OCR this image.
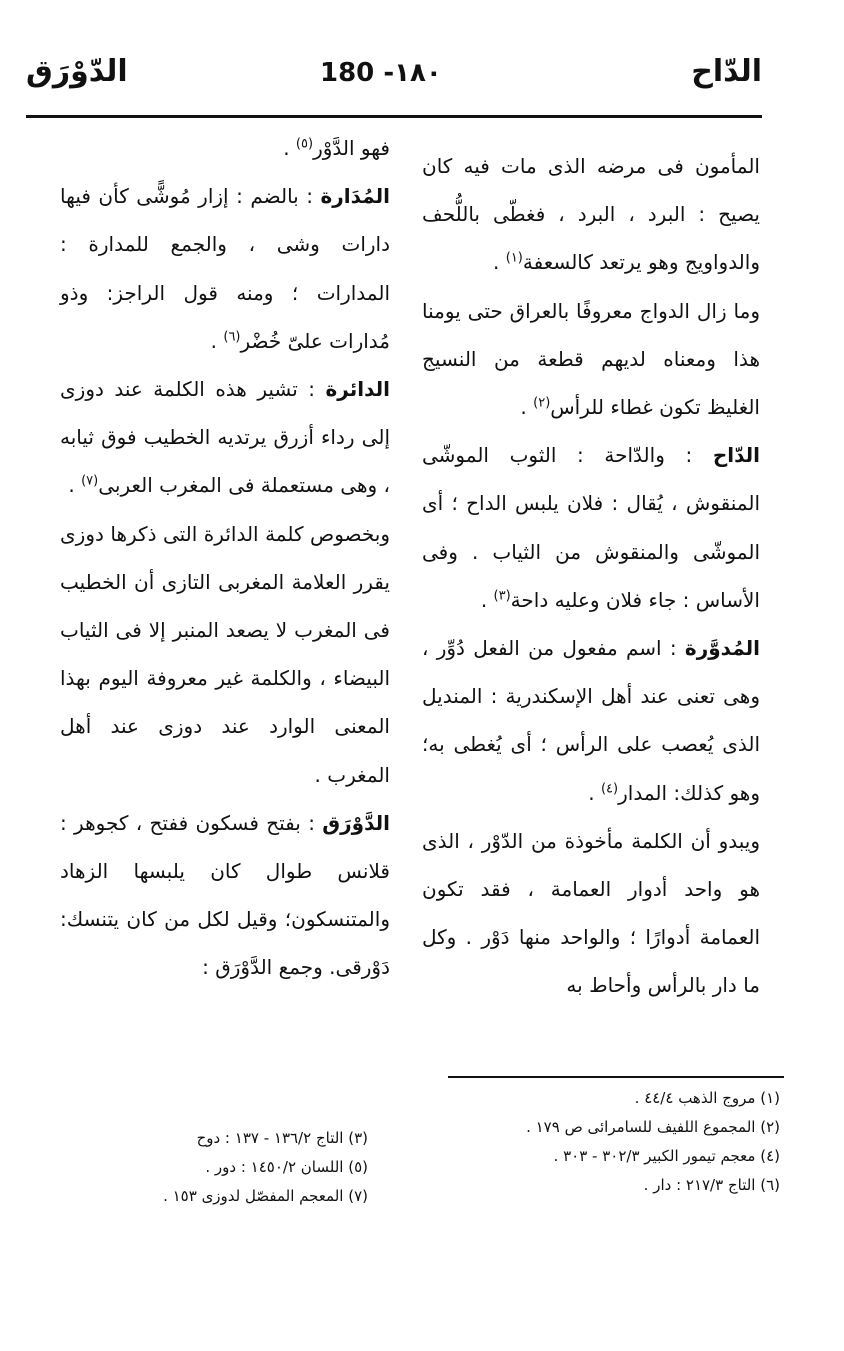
الدّاح
180 -١٨٠
الدّوْرَق

المأمون فى مرضه الذى مات فيه كان يصيح : البرد ، البرد ، فغطّى باللُّحف والدواويج وهو يرتعد كالسعفة$^{(١)}$ .

وما زال الدواج معروفًا بالعراق حتى يومنا هذا ومعناه لديهم قطعة من النسيج الغليظ تكون غطاء للرأس$^{(٢)}$ .

الدّاح : والدّاحة : الثوب الموشّى المنقوش ، يُقال : فلان يلبس الداح ؛ أى الموشّى والمنقوش من الثياب . وفى الأساس : جاء فلان وعليه داحة$^{(٣)}$ .

المُدوَّرة : اسم مفعول من الفعل دُوِّر ، وهى تعنى عند أهل الإسكندرية : المنديل الذى يُعصب على الرأس ؛ أى يُغطى به؛ وهو كذلك: المدار$^{(٤)}$ .

ويبدو أن الكلمة مأخوذة من الدّوْر ، الذى هو واحد أدوار العمامة ، فقد تكون العمامة أدوارًا ؛ والواحد منها دَوْر . وكل ما دار بالرأس وأحاط به

فهو الدَّوْر$^{(٥)}$ .

المُدَارة : بالضم : إزار مُوشًّى كأن فيها دارات وشى ، والجمع للمدارة : المدارات ؛ ومنه قول الراجز: وذو مُدارات علىّ خُضْر$^{(٦)}$ .

الدائرة : تشير هذه الكلمة عند دوزى إلى رداء أزرق يرتديه الخطيب فوق ثيابه ، وهى مستعملة فى المغرب العربى$^{(٧)}$ .

وبخصوص كلمة الدائرة التى ذكرها دوزى يقرر العلامة المغربى التازى أن الخطيب فى المغرب لا يصعد المنبر إلا فى الثياب البيضاء ، والكلمة غير معروفة اليوم بهذا المعنى الوارد عند دوزى عند أهل المغرب .

الدَّوْرَق : بفتح فسكون ففتح ، كجوهر : قلانس طوال كان يلبسها الزهاد والمتنسكون؛ وقيل لكل من كان يتنسك: دَوْرقى. وجمع الدَّوْرَق :

(١) مروج الذهب ٤٤/٤ .
(٢) المجموع اللفيف للسامرائى ص ١٧٩ .
(٤) معجم تيمور الكبير ٣٠٢/٣ - ٣٠٣ .
(٦) التاج ٢١٧/٣ : دار .
(٣) التاج ١٣٦/٢ - ١٣٧ : دوح
(٥) اللسان ١٤٥٠/٢ : دور .
(٧) المعجم المفصّل لدوزى ١٥٣ .
